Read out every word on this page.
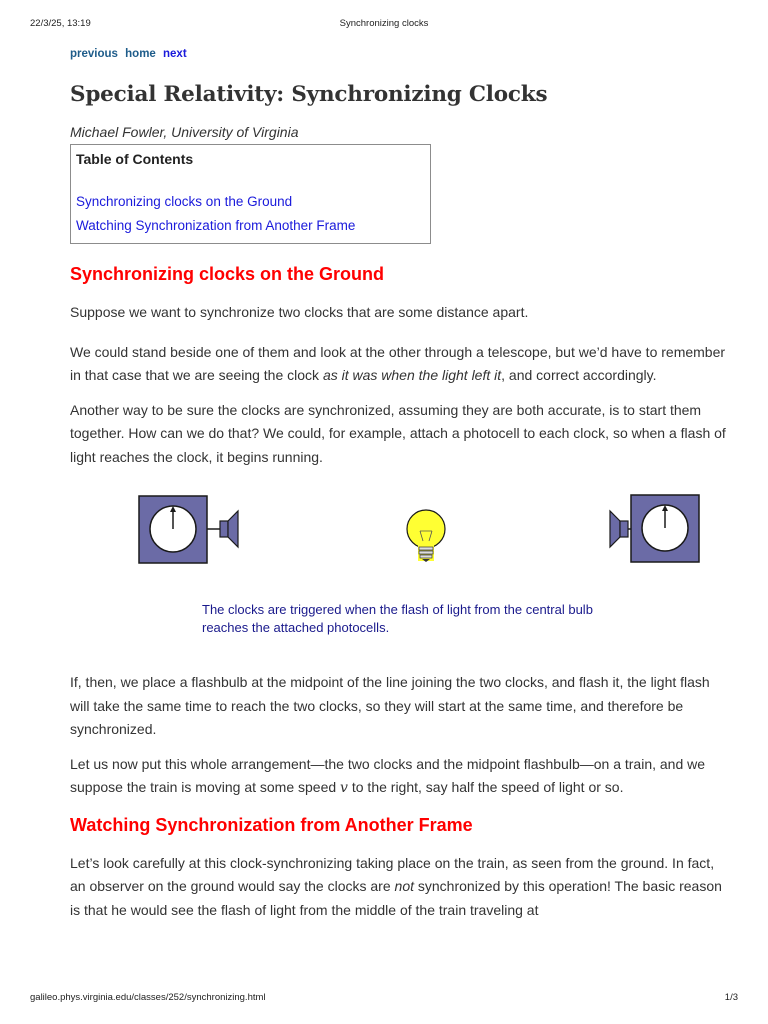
22/3/25, 13:19	Synchronizing clocks
previous home next
Special Relativity: Synchronizing Clocks
Michael Fowler, University of Virginia
Table of Contents
Synchronizing clocks on the Ground
Watching Synchronization from Another Frame
Synchronizing clocks on the Ground

Suppose we want to synchronize two clocks that are some distance apart.

We could stand beside one of them and look at the other through a telescope, but we’d have to remember in that case that we are seeing the clock as it was when the light left it, and correct accordingly.

Another way to be sure the clocks are synchronized, assuming they are both accurate, is to start them together. How can we do that? We could, for example, attach a photocell to each clock, so when a flash of light reaches the clock, it begins running.

The clocks are triggered when the flash of light from the central bulb
reaches the attached photocells.

If, then, we place a flashbulb at the midpoint of the line joining the two clocks, and flash it, the light flash will take the same time to reach the two clocks, so they will start at the same time, and therefore be synchronized.

Let us now put this whole arrangement—the two clocks and the midpoint flashbulb—on a train, and we suppose the train is moving at some speed v to the right, say half the speed of light or so.

Watching Synchronization from Another Frame

Let’s look carefully at this clock-synchronizing taking place on the train, as seen from the ground. In fact, an observer on the ground would say the clocks are not synchronized by this operation! The basic reason is that he would see the flash of light from the middle of the train traveling at

galileo.phys.virginia.edu/classes/252/synchronizing.html	1/3
